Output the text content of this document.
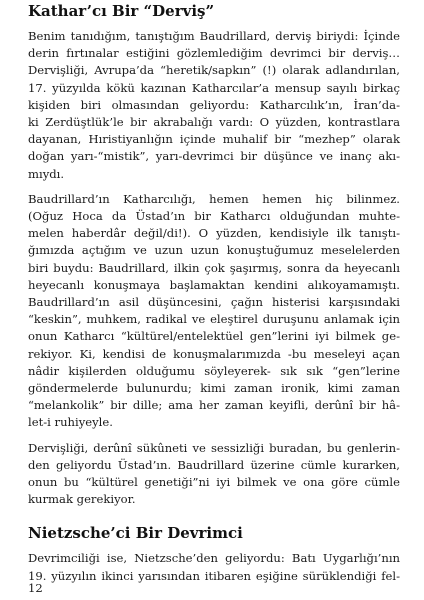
Kathar’cı Bir “Derviş”

Benim tanıdığım, tanıştığım Baudrillard, derviş biriydi: İçinde
derin fırtınalar estiğini gözlemlediğim devrimci bir derviş…
Dervişliği, Avrupa’da “heretik/sapkın” (!) olarak adlandırılan,
17. yüzyılda kökü kazınan Katharcılar’a mensup sayılı birkaç
kişiden biri olmasından geliyordu: Katharcılık’ın, İran’da-
ki Zerdüştlük’le bir akrabalığı vardı: O yüzden, kontrastlara
dayanan, Hıristiyanlığın içinde muhalif bir “mezhep” olarak
doğan yarı-“mistik”, yarı-devrimci bir düşünce ve inanç akı-
mıydı.

Baudrillard’ın Katharcılığı, hemen hemen hiç bilinmez.
(Oğuz Hoca da Üstad’ın bir Katharcı olduğundan muhte-
melen haberdâr değil/di!). O yüzden, kendisiyle ilk tanıştı-
ğımızda açtığım ve uzun uzun konuştuğumuz meselelerden
biri buydu: Baudrillard, ilkin çok şaşırmış, sonra da heyecanlı
heyecanlı konuşmaya başlamaktan kendini alıkoyamamıştı.
Baudrillard’ın asil düşüncesini, çağın histerisi karşısındaki
“keskin”, muhkem, radikal ve eleştirel duruşunu anlamak için
onun Katharcı “kültürel/entelektüel gen”lerini iyi bilmek ge-
rekiyor. Ki, kendisi de konuşmalarımızda -bu meseleyi açan
nâdir kişilerden olduğumu söyleyerek- sık sık “gen”lerine
göndermelerde bulunurdu; kimi zaman ironik, kimi zaman
“melankolik” bir dille; ama her zaman keyifli, derûnî bir hâ-
let-i ruhiyeyle.

Dervişliği, derûnî sükûneti ve sessizliği buradan, bu genlerin-
den geliyordu Üstad’ın. Baudrillard üzerine cümle kurarken,
onun bu “kültürel genetiği”ni iyi bilmek ve ona göre cümle
kurmak gerekiyor.

Nietzsche’ci Bir Devrimci

Devrimciliği ise, Nietzsche’den geliyordu: Batı Uygarlığı’nın
19. yüzyılın ikinci yarısından itibaren eşiğine sürüklendiği fel-

12
